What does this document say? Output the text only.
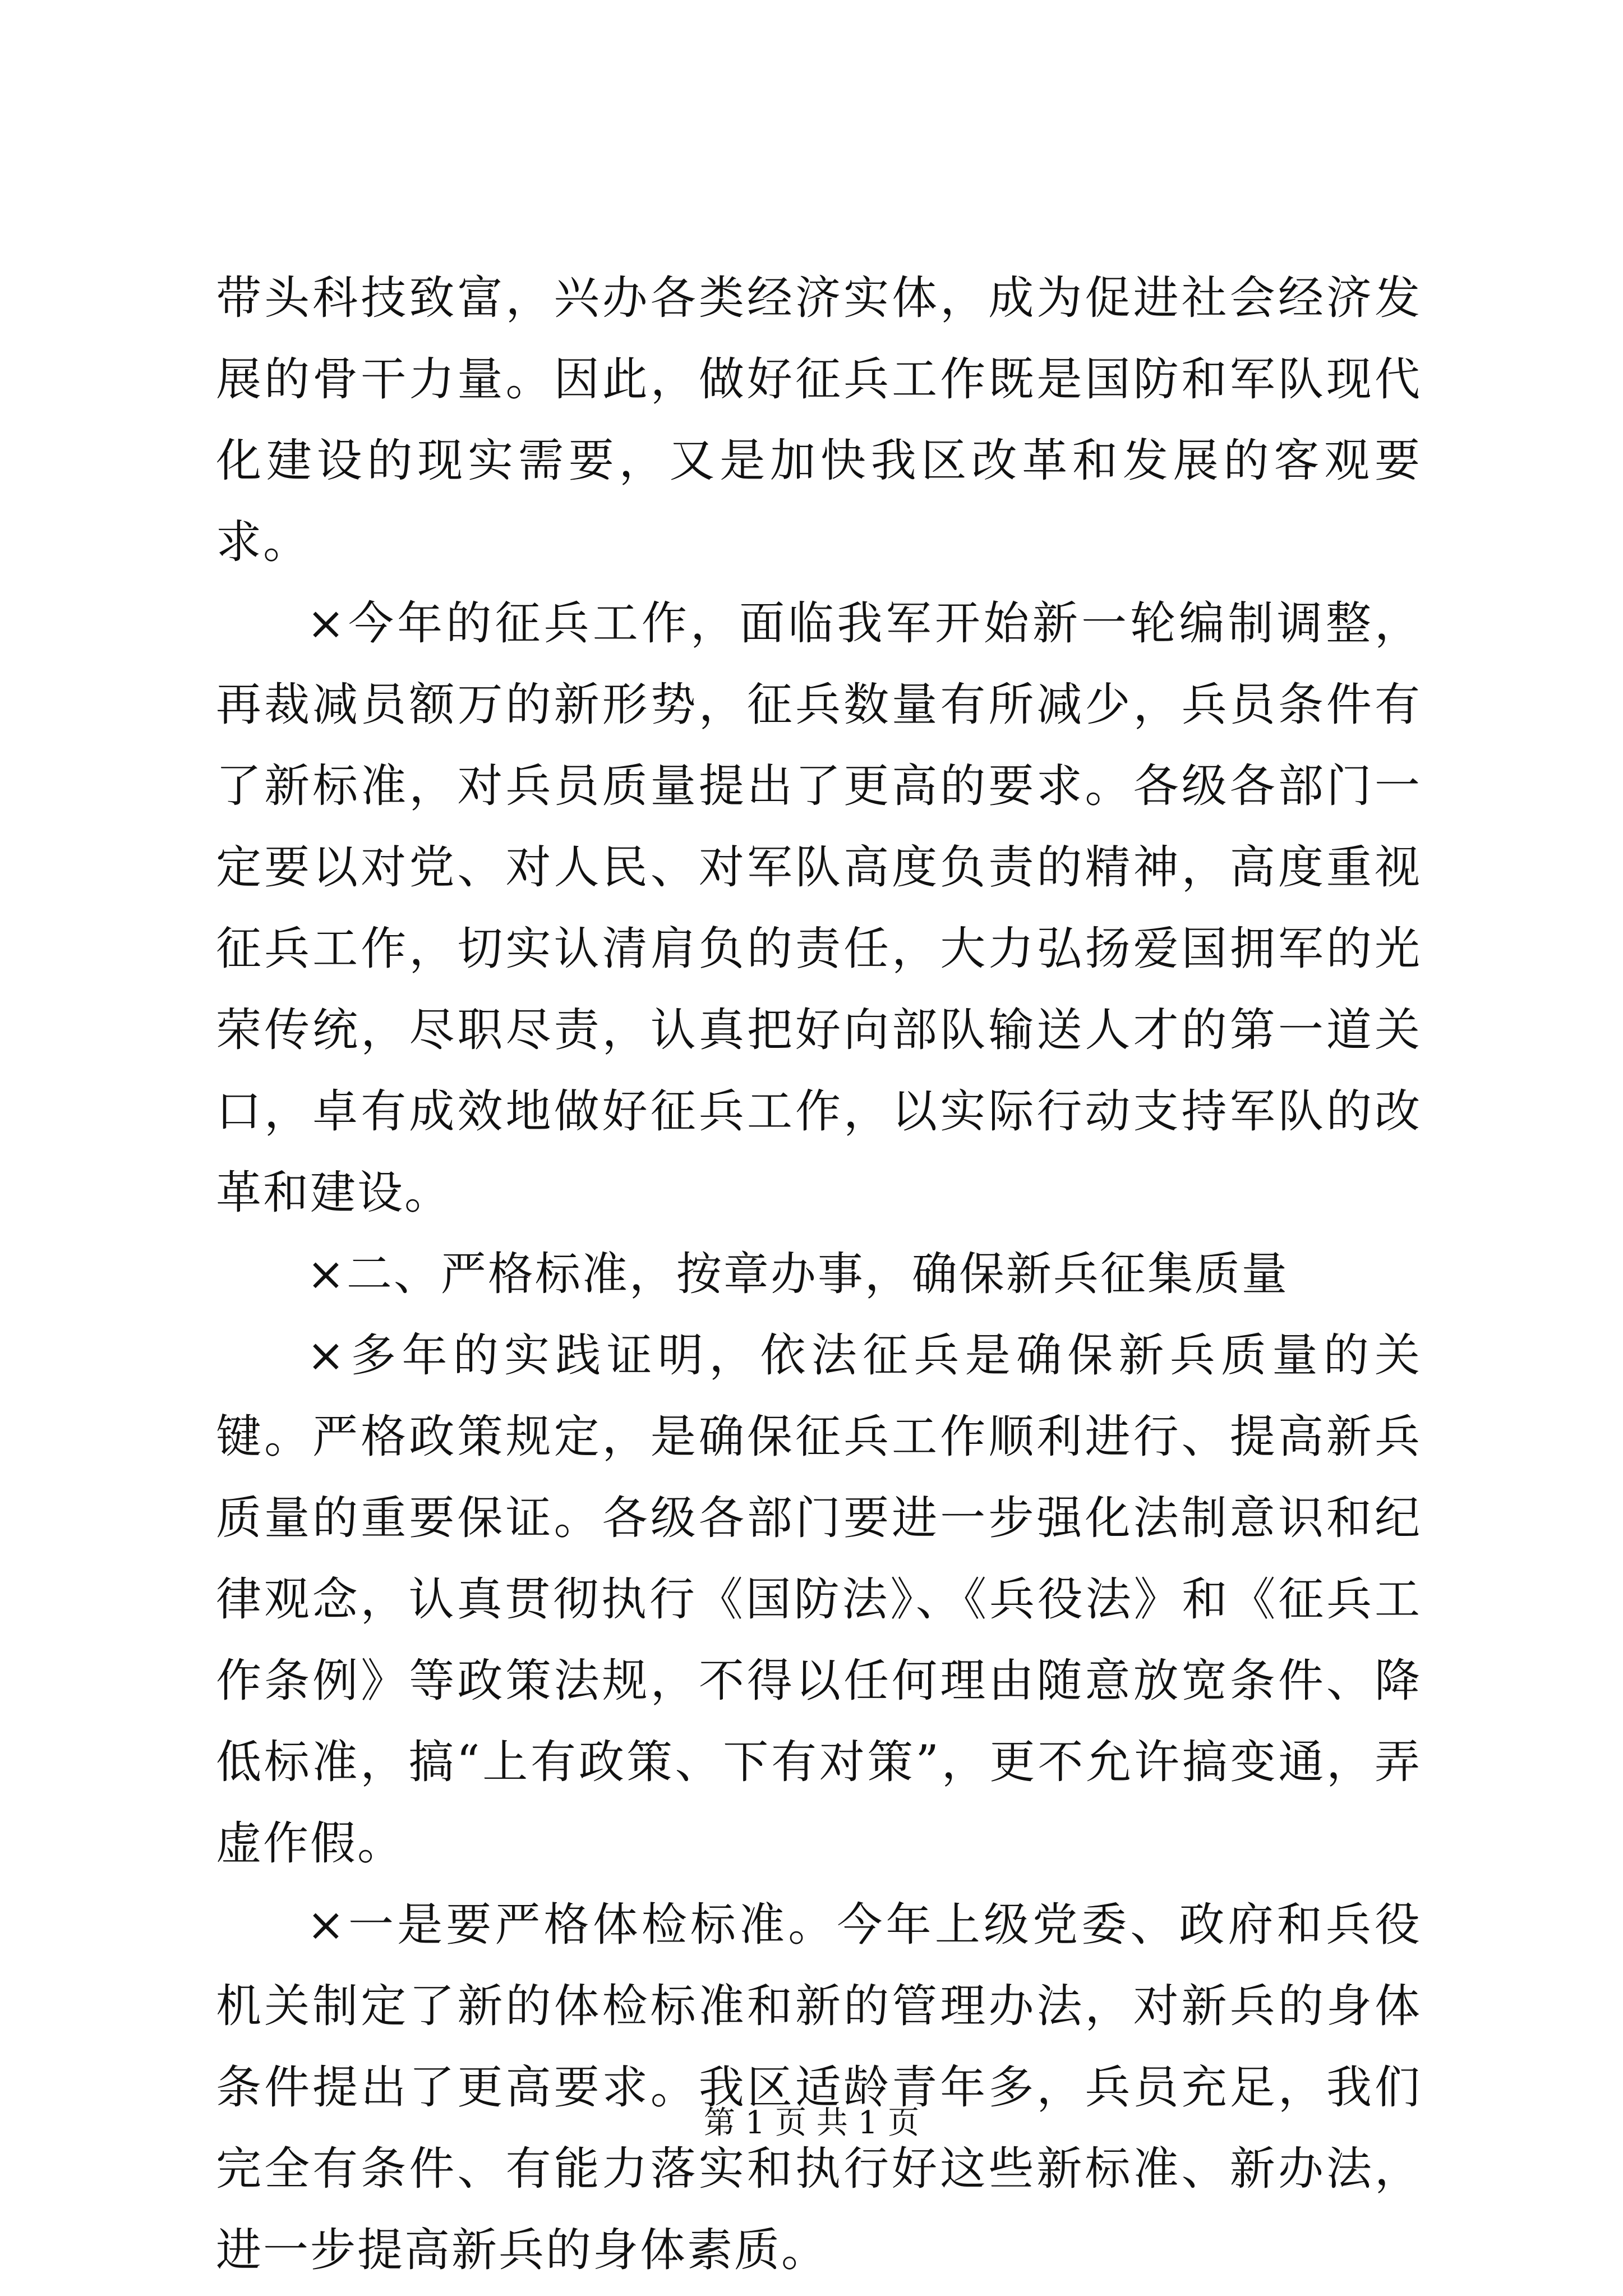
带头科技致富，兴办各类经济实体，成为促进社会经济发展的骨干力量。因此，做好征兵工作既是国防和军队现代化建设的现实需要，又是加快我区改革和发展的客观要求。

×今年的征兵工作，面临我军开始新一轮编制调整，再裁减员额万的新形势，征兵数量有所减少，兵员条件有了新标准，对兵员质量提出了更高的要求。各级各部门一定要以对党、对人民、对军队高度负责的精神，高度重视征兵工作，切实认清肩负的责任，大力弘扬爱国拥军的光荣传统，尽职尽责，认真把好向部队输送人才的第一道关口，卓有成效地做好征兵工作，以实际行动支持军队的改革和建设。

×二、严格标准，按章办事，确保新兵征集质量

×多年的实践证明，依法征兵是确保新兵质量的关键。严格政策规定，是确保征兵工作顺利进行、提高新兵质量的重要保证。各级各部门要进一步强化法制意识和纪律观念，认真贯彻执行《国防法》、《兵役法》和《征兵工作条例》等政策法规，不得以任何理由随意放宽条件、降低标准，搞“上有政策、下有对策”，更不允许搞变通，弄虚作假。

×一是要严格体检标准。今年上级党委、政府和兵役机关制定了新的体检标准和新的管理办法，对新兵的身体条件提出了更高要求。我区适龄青年多，兵员充足，我们完全有条件、有能力落实和执行好这些新标准、新办法，进一步提高新兵的身体素质。

第 1 页 共 1 页
